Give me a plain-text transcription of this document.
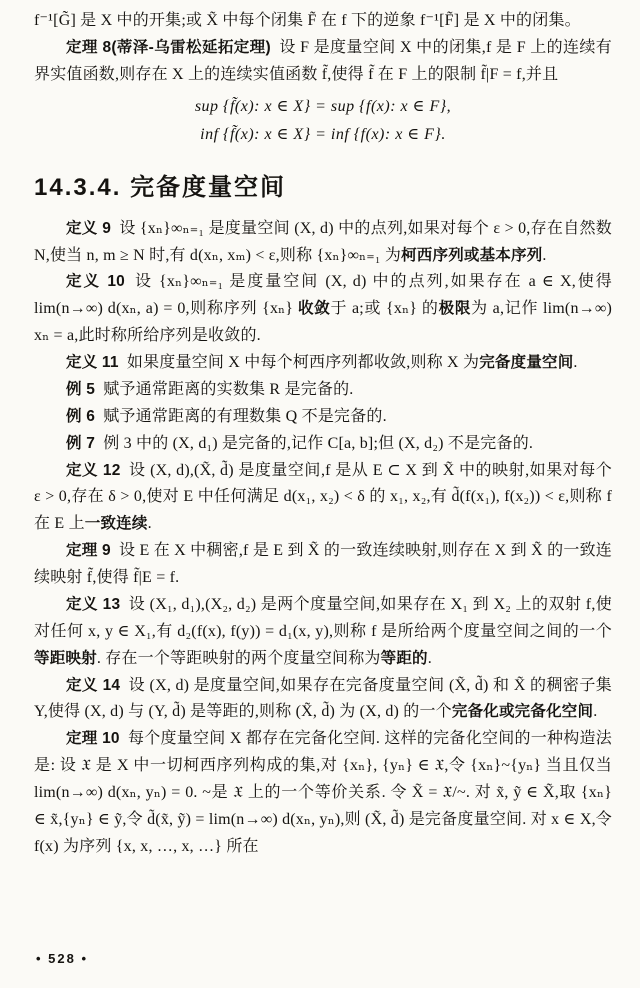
f⁻¹[G̃] 是 X 中的开集;或 X̃ 中每个闭集 F̃ 在 f 下的逆象 f⁻¹[F̃] 是 X 中的闭集。

定理 8(蒂泽-乌雷松延拓定理)  设 F 是度量空间 X 中的闭集,f 是 F 上的连续有界实值函数,则存在 X 上的连续实值函数 f̃,使得 f̃ 在 F 上的限制 f̃|F = f,并且

sup {f̃(x): x ∈ X} = sup {f(x): x ∈ F},
inf {f̃(x): x ∈ X} = inf {f(x): x ∈ F}.
14.3.4. 完备度量空间

定义 9  设 {xₙ}∞ₙ₌₁ 是度量空间 (X, d) 中的点列,如果对每个 ε > 0,存在自然数 N,使当 n, m ≥ N 时,有 d(xₙ, xₘ) < ε,则称 {xₙ}∞ₙ₌₁ 为柯西序列或基本序列.

定义 10  设 {xₙ}∞ₙ₌₁ 是度量空间 (X, d) 中的点列,如果存在 a ∈ X,使得 lim(n→∞) d(xₙ, a) = 0,则称序列 {xₙ} 收敛于 a;或 {xₙ} 的极限为 a,记作 lim(n→∞) xₙ = a,此时称所给序列是收敛的.

定义 11  如果度量空间 X 中每个柯西序列都收敛,则称 X 为完备度量空间.

例 5  赋予通常距离的实数集 R 是完备的.

例 6  赋予通常距离的有理数集 Q 不是完备的.

例 7  例 3 中的 (X, d₁) 是完备的,记作 C[a, b];但 (X, d₂) 不是完备的.

定义 12  设 (X, d),(X̃, d̃) 是度量空间,f 是从 E ⊂ X 到 X̃ 中的映射,如果对每个 ε > 0,存在 δ > 0,使对 E 中任何满足 d(x₁, x₂) < δ 的 x₁, x₂,有 d̃(f(x₁), f(x₂)) < ε,则称 f 在 E 上一致连续.

定理 9  设 E 在 X 中稠密,f 是 E 到 X̃ 的一致连续映射,则存在 X 到 X̃ 的一致连续映射 f̃,使得 f̃|E = f.

定义 13  设 (X₁, d₁),(X₂, d₂) 是两个度量空间,如果存在 X₁ 到 X₂ 上的双射 f,使对任何 x, y ∈ X₁,有 d₂(f(x), f(y)) = d₁(x, y),则称 f 是所给两个度量空间之间的一个等距映射. 存在一个等距映射的两个度量空间称为等距的.

定义 14  设 (X, d) 是度量空间,如果存在完备度量空间 (X̃, d̃) 和 X̃ 的稠密子集 Y,使得 (X, d) 与 (Y, d̃) 是等距的,则称 (X̃, d̃) 为 (X, d) 的一个完备化或完备化空间.

定理 10  每个度量空间 X 都存在完备化空间. 这样的完备化空间的一种构造法是: 设 𝔛 是 X 中一切柯西序列构成的集,对 {xₙ}, {yₙ} ∈ 𝔛,令 {xₙ}~{yₙ} 当且仅当 lim(n→∞) d(xₙ, yₙ) = 0. ~是 𝔛 上的一个等价关系. 令 X̃ = 𝔛/~. 对 x̃, ỹ ∈ X̃,取 {xₙ} ∈ x̃,{yₙ} ∈ ỹ,令 d̃(x̃, ỹ) = lim(n→∞) d(xₙ, yₙ),则 (X̃, d̃) 是完备度量空间. 对 x ∈ X,令 f(x) 为序列 {x, x, …, x, …} 所在

• 528 •
